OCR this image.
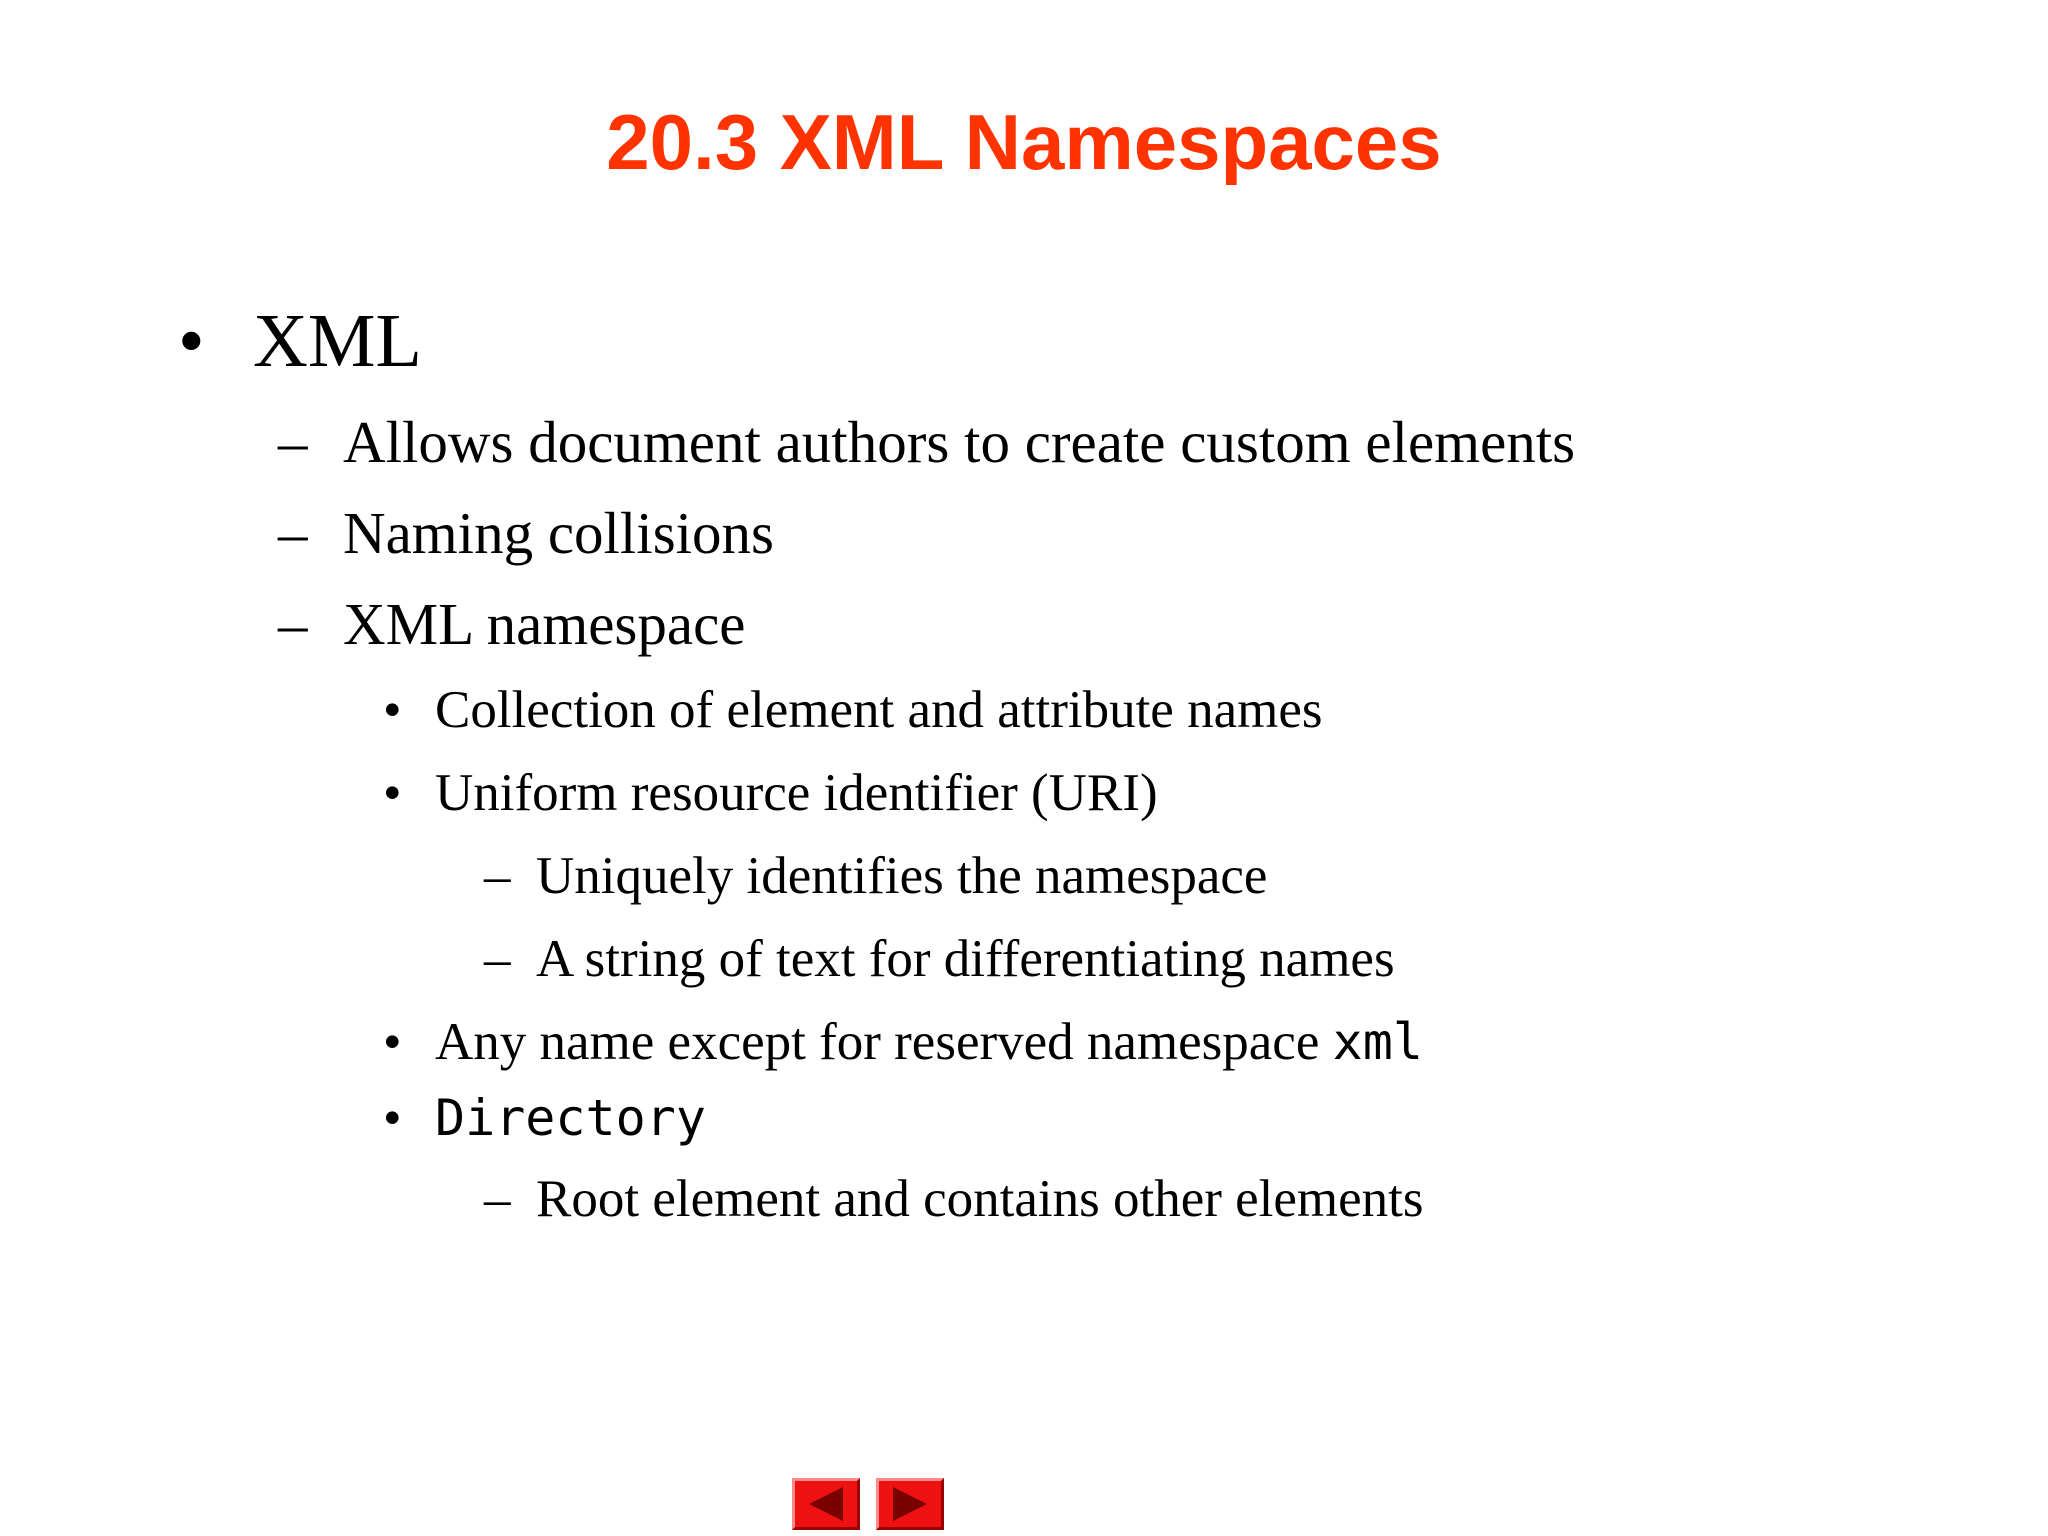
20.3 XML Namespaces
• XML
– Allows document authors to create custom elements
– Naming collisions
– XML namespace
• Collection of element and attribute names
• Uniform resource identifier (URI)
– Uniquely identifies the namespace
– A string of text for differentiating names
• Any name except for reserved namespace xml
• Directory
– Root element and contains other elements
